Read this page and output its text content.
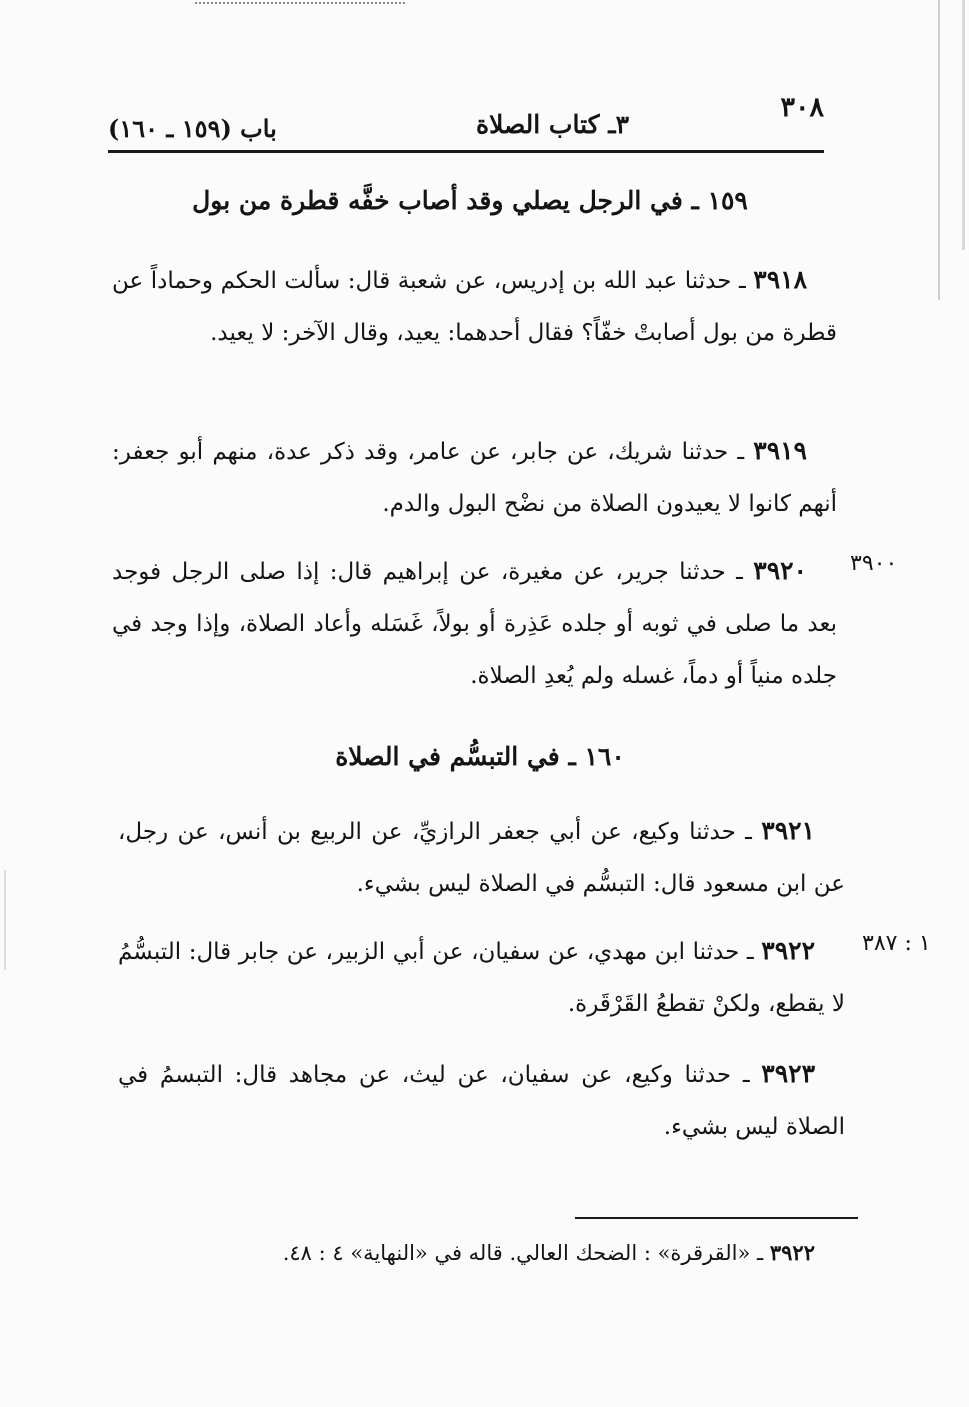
٣٠٨
٣ـ كتاب الصلاة
باب (١٥٩ ـ ١٦٠)
١٥٩ ـ في الرجل يصلي وقد أصاب خفَّه قطرة من بول

٣٩١٨ ـ حدثنا عبد الله بن إدريس، عن شعبة قال: سألت الحكم وحماداً عن قطرة من بول أصابتْ خفّاً؟ فقال أحدهما: يعيد، وقال الآخر: لا يعيد.

٣٩١٩ ـ حدثنا شريك، عن جابر، عن عامر، وقد ذكر عدة، منهم أبو جعفر: أنهم كانوا لا يعيدون الصلاة من نضْح البول والدم.

٣٩٠٠

٣٩٢٠ ـ حدثنا جرير، عن مغيرة، عن إبراهيم قال: إذا صلى الرجل فوجد بعد ما صلى في ثوبه أو جلده عَذِرة أو بولاً، غَسَله وأعاد الصلاة، وإذا وجد في جلده منياً أو دماً، غسله ولم يُعدِ الصلاة.

١٦٠ ـ في التبسُّم في الصلاة

٣٩٢١ ـ حدثنا وكيع، عن أبي جعفر الرازيِّ، عن الربيع بن أنس، عن رجل، عن ابن مسعود قال: التبسُّم في الصلاة ليس بشيء.

١ : ٣٨٧

٣٩٢٢ ـ حدثنا ابن مهدي، عن سفيان، عن أبي الزبير، عن جابر قال: التبسُّمُ لا يقطع، ولكنْ تقطعُ القَرْقَرة.

٣٩٢٣ ـ حدثنا وكيع، عن سفيان، عن ليث، عن مجاهد قال: التبسمُ في الصلاة ليس بشيء.

٣٩٢٢ ـ «القرقرة» : الضحك العالي. قاله في «النهاية» ٤ : ٤٨.
